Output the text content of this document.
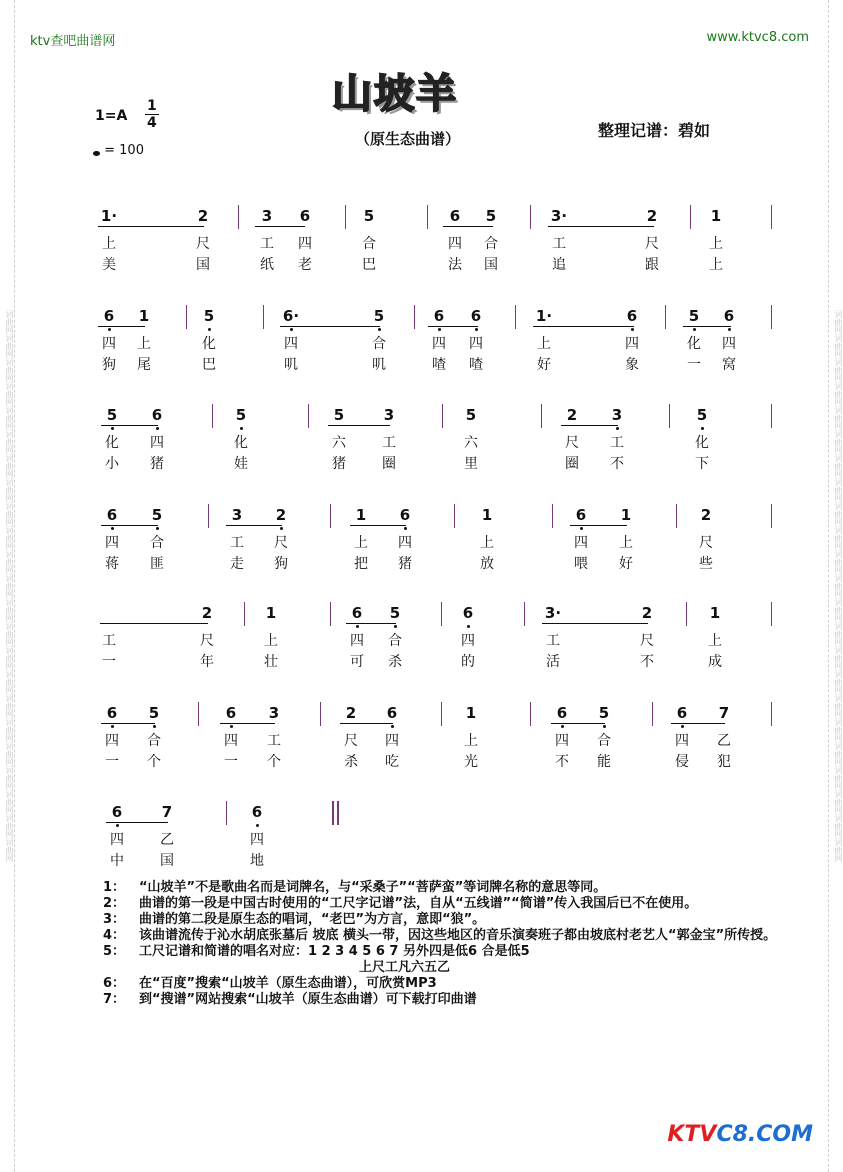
词曲网词曲网词曲网词曲网词曲网词曲网词曲网词曲网词曲网词曲网词曲网词曲网词曲网词曲网词曲网词曲网词曲网词曲网词曲网词曲网词曲网词曲网词曲网	词曲网词曲网词曲网词曲网词曲网词曲网词曲网词曲网词曲网词曲网词曲网词曲网词曲网词曲网词曲网词曲网词曲网词曲网词曲网词曲网词曲网词曲网词曲网
ktv查吧曲谱网	www.ktvc8.com
山坡羊
$1=A \frac{1}{4}$
= 100
（原生态曲谱）	整理记谱：碧如
1·	2	3 6	5	6 5	3·	2	1
上	尺	工 四	合	四 合	工	尺	上
美	国	纸 老	巴	法 国	追	跟	上
6 1	5	6·	5	6 6	1·	6	5 6
四 上	化	四	合	四 四	上	四	化 四
狗 尾	巴	叽	叽	喳 喳	好	象	一 窝
5 6	5	5	3	5	2 3	5
化 四	化	六	工	六	尺 工	化
小 猪	娃	猪	圈	里	圈 不	下
6 5	3 2	1 6	1	6 1	2
四 合	工 尺	上 四	上	四 上	尺
蒋 匪	走 狗	把 猪	放	喂 好	些
2	1	6 5	6	3·	2	1
工	尺	上	四 合	四	工	尺	上
一	年	壮	可 杀	的	活	不	成
6 5	6 3	2 6	1	6 5	6 7
四 合	四 工	尺 四	上	四 合	四 乙
一 个	一 个	杀 吃	光	不 能	侵 犯
6	7	6
四	乙	四
中	国	地
1：	“山坡羊”不是歌曲名而是词牌名，与“采桑子”“菩萨蛮”等词牌名称的意思等同。
2：	曲谱的第一段是中国古时使用的“工尺字记谱”法，自从“五线谱”“简谱”传入我国后已不在使用。
3：	曲谱的第二段是原生态的唱词，“老巴”为方言，意即“狼”。
4：	该曲谱流传于沁水胡底张墓后 坡底 横头一带，因这些地区的音乐演奏班子都由坡底村老艺人“郭金宝”所传授。
5：	工尺记谱和简谱的唱名对应：1 2 3 4 5 6 7 另外四是低6 合是低5
上尺工凡六五乙
6：	在“百度”搜索“山坡羊（原生态曲谱），可欣赏MP3
7：	到“搜谱”网站搜索“山坡羊（原生态曲谱）可下载打印曲谱
KTVC8.COM
